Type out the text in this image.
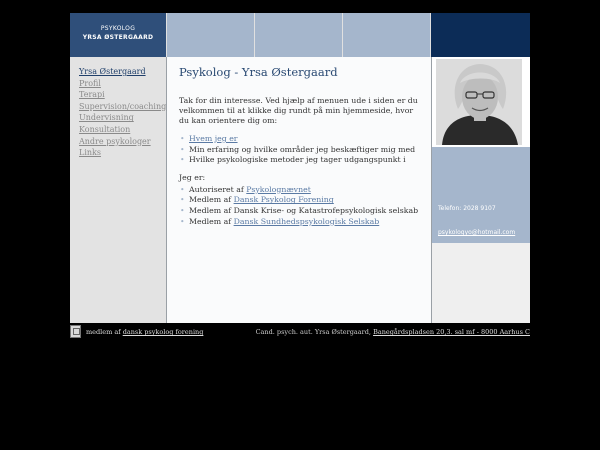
PSYKOLOG
YRSA ØSTERGAARD
Yrsa Østergaard
Profil
Terapi
Supervision/coaching
Undervisning
Konsultation
Andre psykologer
Links
Psykolog - Yrsa Østergaard

Tak for din interesse. Ved hjælp af menuen ude i siden er du velkommen til at klikke dig rundt på min hjemmeside, hvor du kan orientere dig om:

• Hvem jeg er
• Min erfaring og hvilke områder jeg beskæftiger mig med
• Hvilke psykologiske metoder jeg tager udgangspunkt i

Jeg er:

• Autoriseret af Psykolognævnet
• Medlem af Dansk Psykolog Forening
• Medlem af Dansk Krise- og Katastrofepsykologisk selskab
• Medlem af Dansk Sundhedspsykologisk Selskab
Telefon: 2028 9107
psykologyo@hotmail.com
medlem af dansk psykolog forening	Cand. psych. aut. Yrsa Østergaard, Banegårdspladsen 20,3. sal mf - 8000 Aarhus C
